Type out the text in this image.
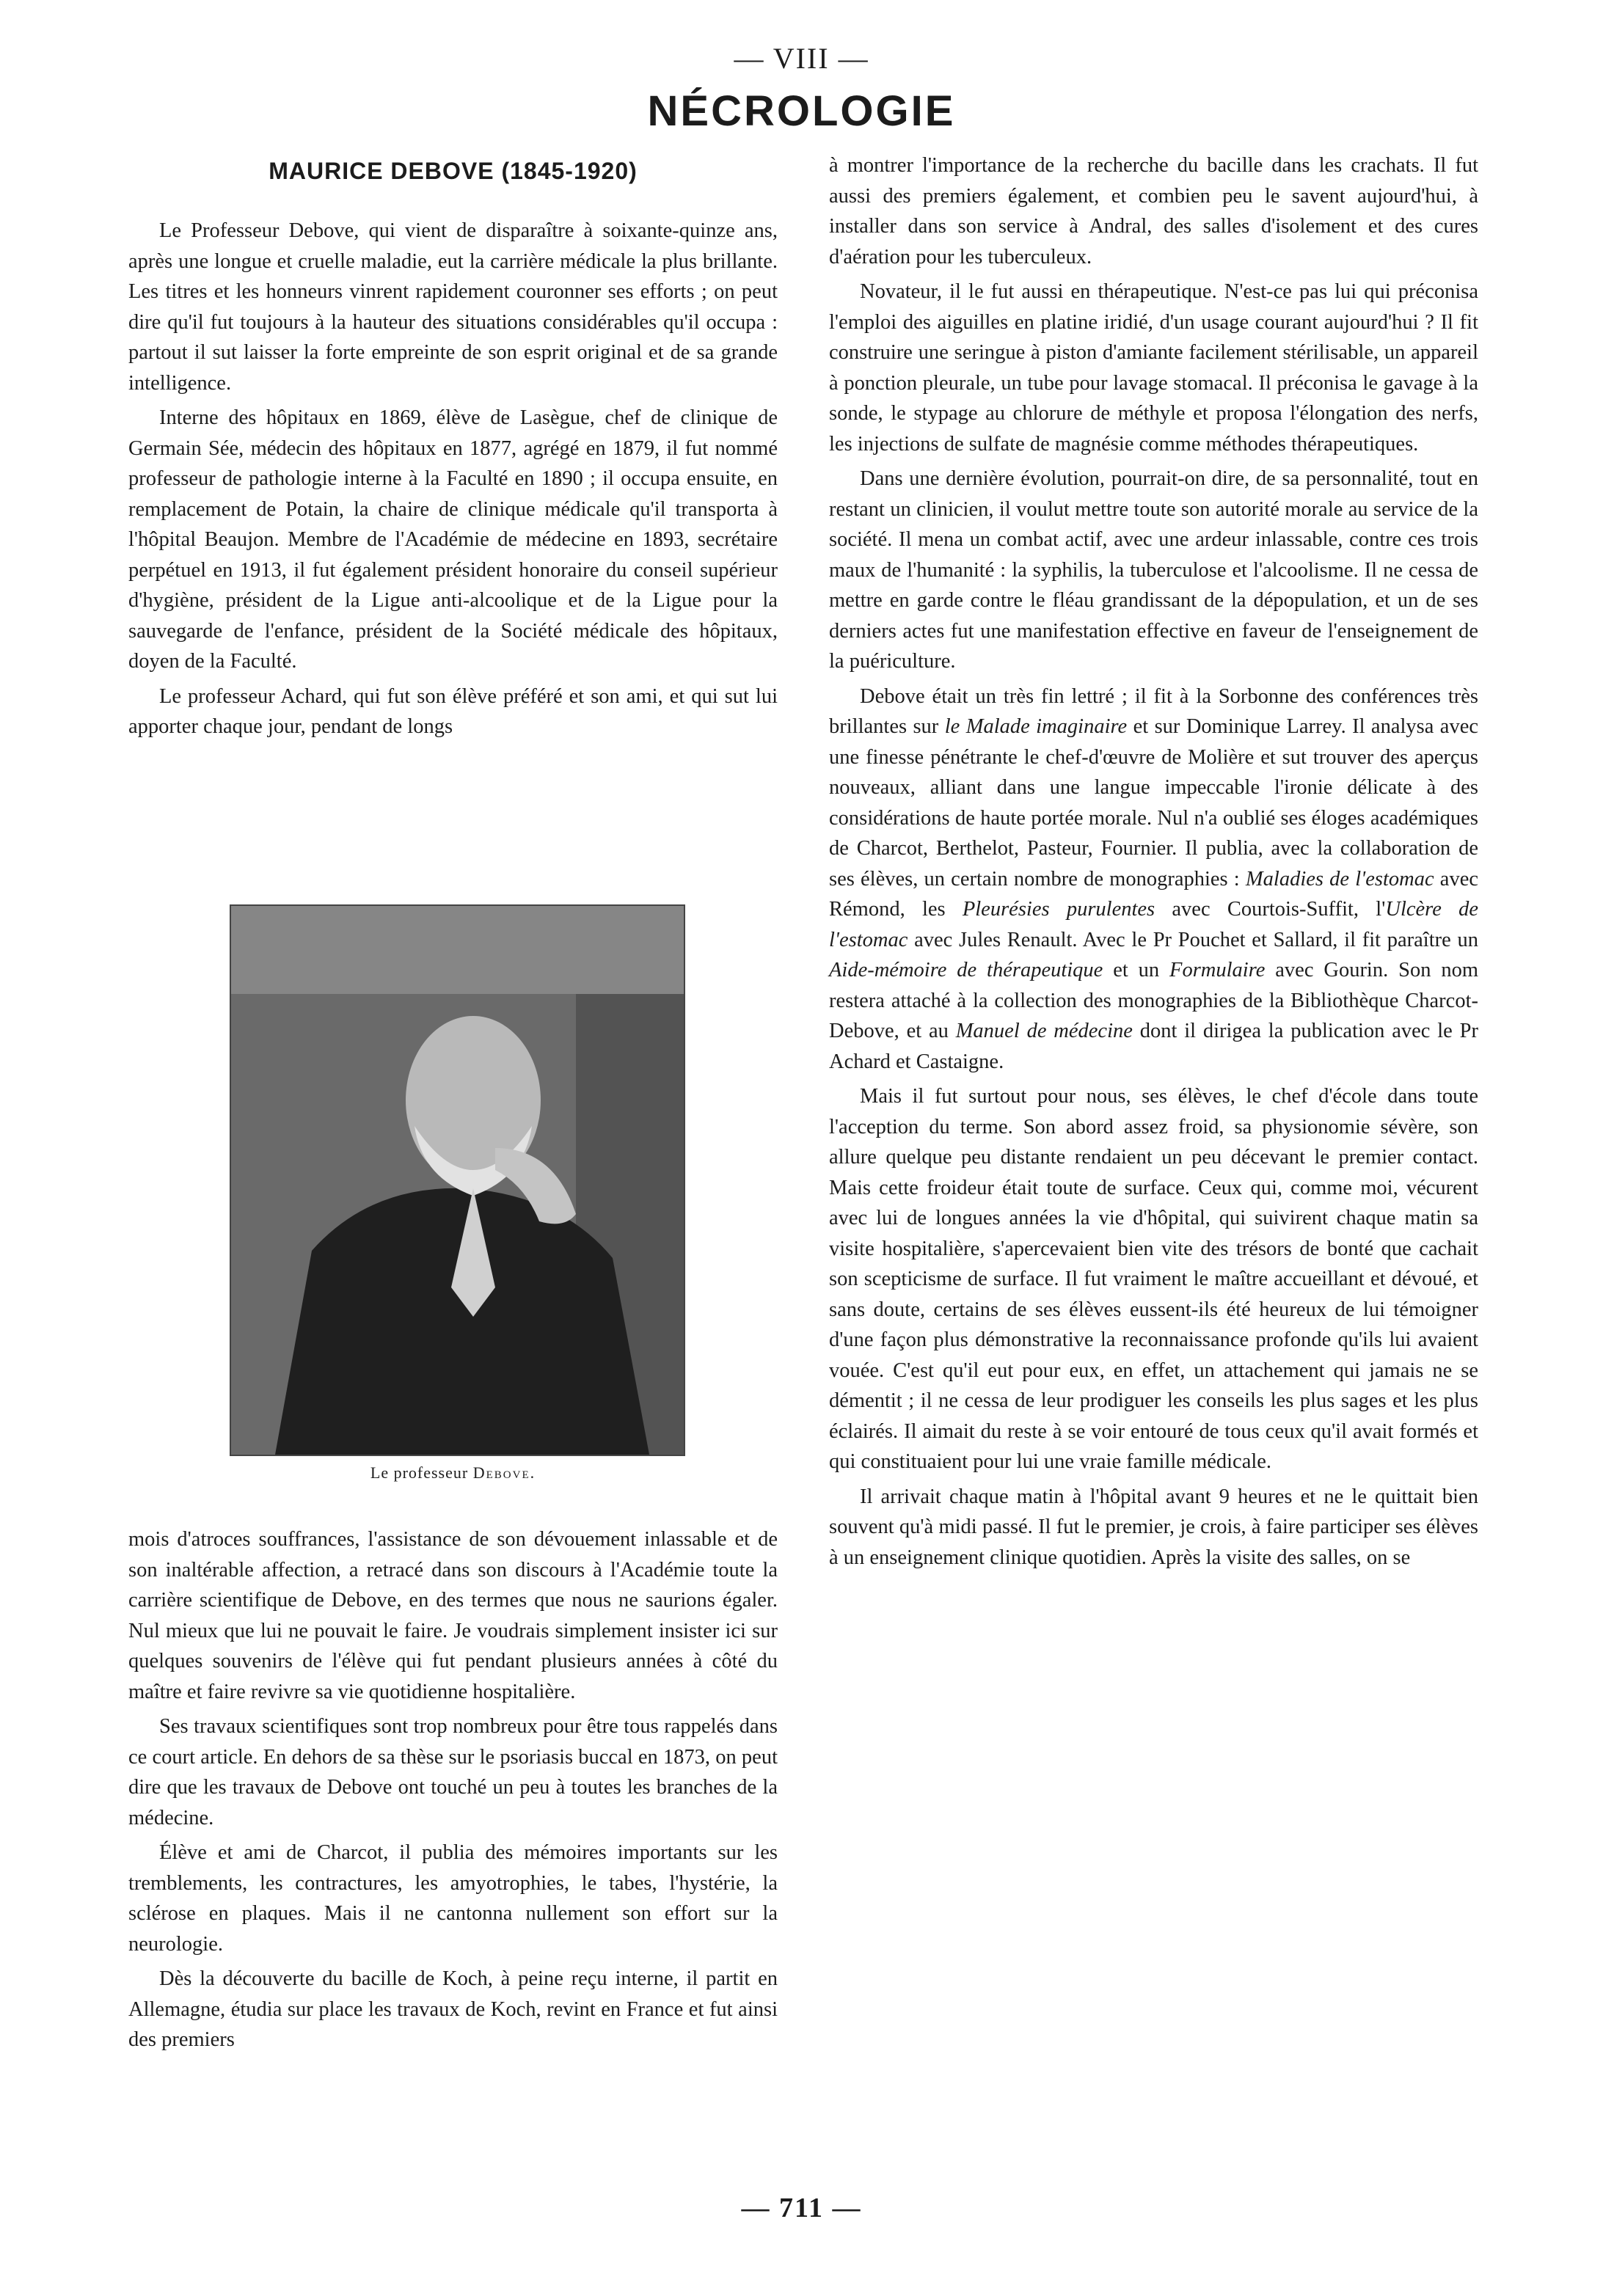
— VIII —
NÉCROLOGIE
MAURICE DEBOVE (1845-1920)

Le Professeur Debove, qui vient de disparaître à soixante-quinze ans, après une longue et cruelle maladie, eut la carrière médicale la plus brillante. Les titres et les honneurs vinrent rapidement couronner ses efforts ; on peut dire qu'il fut toujours à la hauteur des situations considérables qu'il occupa : partout il sut laisser la forte empreinte de son esprit original et de sa grande intelligence.

Interne des hôpitaux en 1869, élève de Lasègue, chef de clinique de Germain Sée, médecin des hôpitaux en 1877, agrégé en 1879, il fut nommé professeur de pathologie interne à la Faculté en 1890 ; il occupa ensuite, en remplacement de Potain, la chaire de clinique médicale qu'il transporta à l'hôpital Beaujon. Membre de l'Académie de médecine en 1893, secrétaire perpétuel en 1913, il fut également président honoraire du conseil supérieur d'hygiène, président de la Ligue anti-alcoolique et de la Ligue pour la sauvegarde de l'enfance, président de la Société médicale des hôpitaux, doyen de la Faculté.

Le professeur Achard, qui fut son élève préféré et son ami, et qui sut lui apporter chaque jour, pendant de longs

Le professeur Debove.

mois d'atroces souffrances, l'assistance de son dévouement inlassable et de son inaltérable affection, a retracé dans son discours à l'Académie toute la carrière scientifique de Debove, en des termes que nous ne saurions égaler. Nul mieux que lui ne pouvait le faire. Je voudrais simplement insister ici sur quelques souvenirs de l'élève qui fut pendant plusieurs années à côté du maître et faire revivre sa vie quotidienne hospitalière.

Ses travaux scientifiques sont trop nombreux pour être tous rappelés dans ce court article. En dehors de sa thèse sur le psoriasis buccal en 1873, on peut dire que les travaux de Debove ont touché un peu à toutes les branches de la médecine.

Élève et ami de Charcot, il publia des mémoires importants sur les tremblements, les contractures, les amyotrophies, le tabes, l'hystérie, la sclérose en plaques. Mais il ne cantonna nullement son effort sur la neurologie.

Dès la découverte du bacille de Koch, à peine reçu interne, il partit en Allemagne, étudia sur place les travaux de Koch, revint en France et fut ainsi des premiers

à montrer l'importance de la recherche du bacille dans les crachats. Il fut aussi des premiers également, et combien peu le savent aujourd'hui, à installer dans son service à Andral, des salles d'isolement et des cures d'aération pour les tuberculeux.

Novateur, il le fut aussi en thérapeutique. N'est-ce pas lui qui préconisa l'emploi des aiguilles en platine iridié, d'un usage courant aujourd'hui ? Il fit construire une seringue à piston d'amiante facilement stérilisable, un appareil à ponction pleurale, un tube pour lavage stomacal. Il préconisa le gavage à la sonde, le stypage au chlorure de méthyle et proposa l'élongation des nerfs, les injections de sulfate de magnésie comme méthodes thérapeutiques.

Dans une dernière évolution, pourrait-on dire, de sa personnalité, tout en restant un clinicien, il voulut mettre toute son autorité morale au service de la société. Il mena un combat actif, avec une ardeur inlassable, contre ces trois maux de l'humanité : la syphilis, la tuberculose et l'alcoolisme. Il ne cessa de mettre en garde contre le fléau grandissant de la dépopulation, et un de ses derniers actes fut une manifestation effective en faveur de l'enseignement de la puériculture.

Debove était un très fin lettré ; il fit à la Sorbonne des conférences très brillantes sur le Malade imaginaire et sur Dominique Larrey. Il analysa avec une finesse pénétrante le chef-d'œuvre de Molière et sut trouver des aperçus nouveaux, alliant dans une langue impeccable l'ironie délicate à des considérations de haute portée morale. Nul n'a oublié ses éloges académiques de Charcot, Berthelot, Pasteur, Fournier. Il publia, avec la collaboration de ses élèves, un certain nombre de monographies : Maladies de l'estomac avec Rémond, les Pleurésies purulentes avec Courtois-Suffit, l'Ulcère de l'estomac avec Jules Renault. Avec le Pr Pouchet et Sallard, il fit paraître un Aide-mémoire de thérapeutique et un Formulaire avec Gourin. Son nom restera attaché à la collection des monographies de la Bibliothèque Charcot-Debove, et au Manuel de médecine dont il dirigea la publication avec le Pr Achard et Castaigne.

Mais il fut surtout pour nous, ses élèves, le chef d'école dans toute l'acception du terme. Son abord assez froid, sa physionomie sévère, son allure quelque peu distante rendaient un peu décevant le premier contact. Mais cette froideur était toute de surface. Ceux qui, comme moi, vécurent avec lui de longues années la vie d'hôpital, qui suivirent chaque matin sa visite hospitalière, s'apercevaient bien vite des trésors de bonté que cachait son scepticisme de surface. Il fut vraiment le maître accueillant et dévoué, et sans doute, certains de ses élèves eussent-ils été heureux de lui témoigner d'une façon plus démonstrative la reconnaissance profonde qu'ils lui avaient vouée. C'est qu'il eut pour eux, en effet, un attachement qui jamais ne se démentit ; il ne cessa de leur prodiguer les conseils les plus sages et les plus éclairés. Il aimait du reste à se voir entouré de tous ceux qu'il avait formés et qui constituaient pour lui une vraie famille médicale.

Il arrivait chaque matin à l'hôpital avant 9 heures et ne le quittait bien souvent qu'à midi passé. Il fut le premier, je crois, à faire participer ses élèves à un enseignement clinique quotidien. Après la visite des salles, on se

— 711 —
